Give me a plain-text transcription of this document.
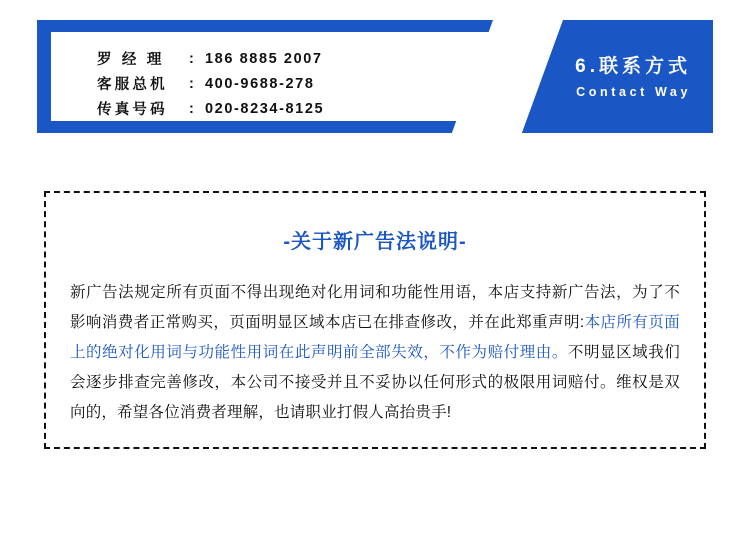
罗 经 理	: 186 8885 2007
客服总机	: 400-9688-278
传真号码	: 020-8234-8125
6.联系方式
Contact Way
-关于新广告法说明-
新广告法规定所有页面不得出现绝对化用词和功能性用语，本店支持新广告法，为了不影响消费者正常购买，页面明显区域本店已在排查修改，并在此郑重声明:本店所有页面上的绝对化用词与功能性用词在此声明前全部失效，不作为赔付理由。不明显区域我们会逐步排查完善修改，本公司不接受并且不妥协以任何形式的极限用词赔付。维权是双向的，希望各位消费者理解，也请职业打假人高抬贵手!
